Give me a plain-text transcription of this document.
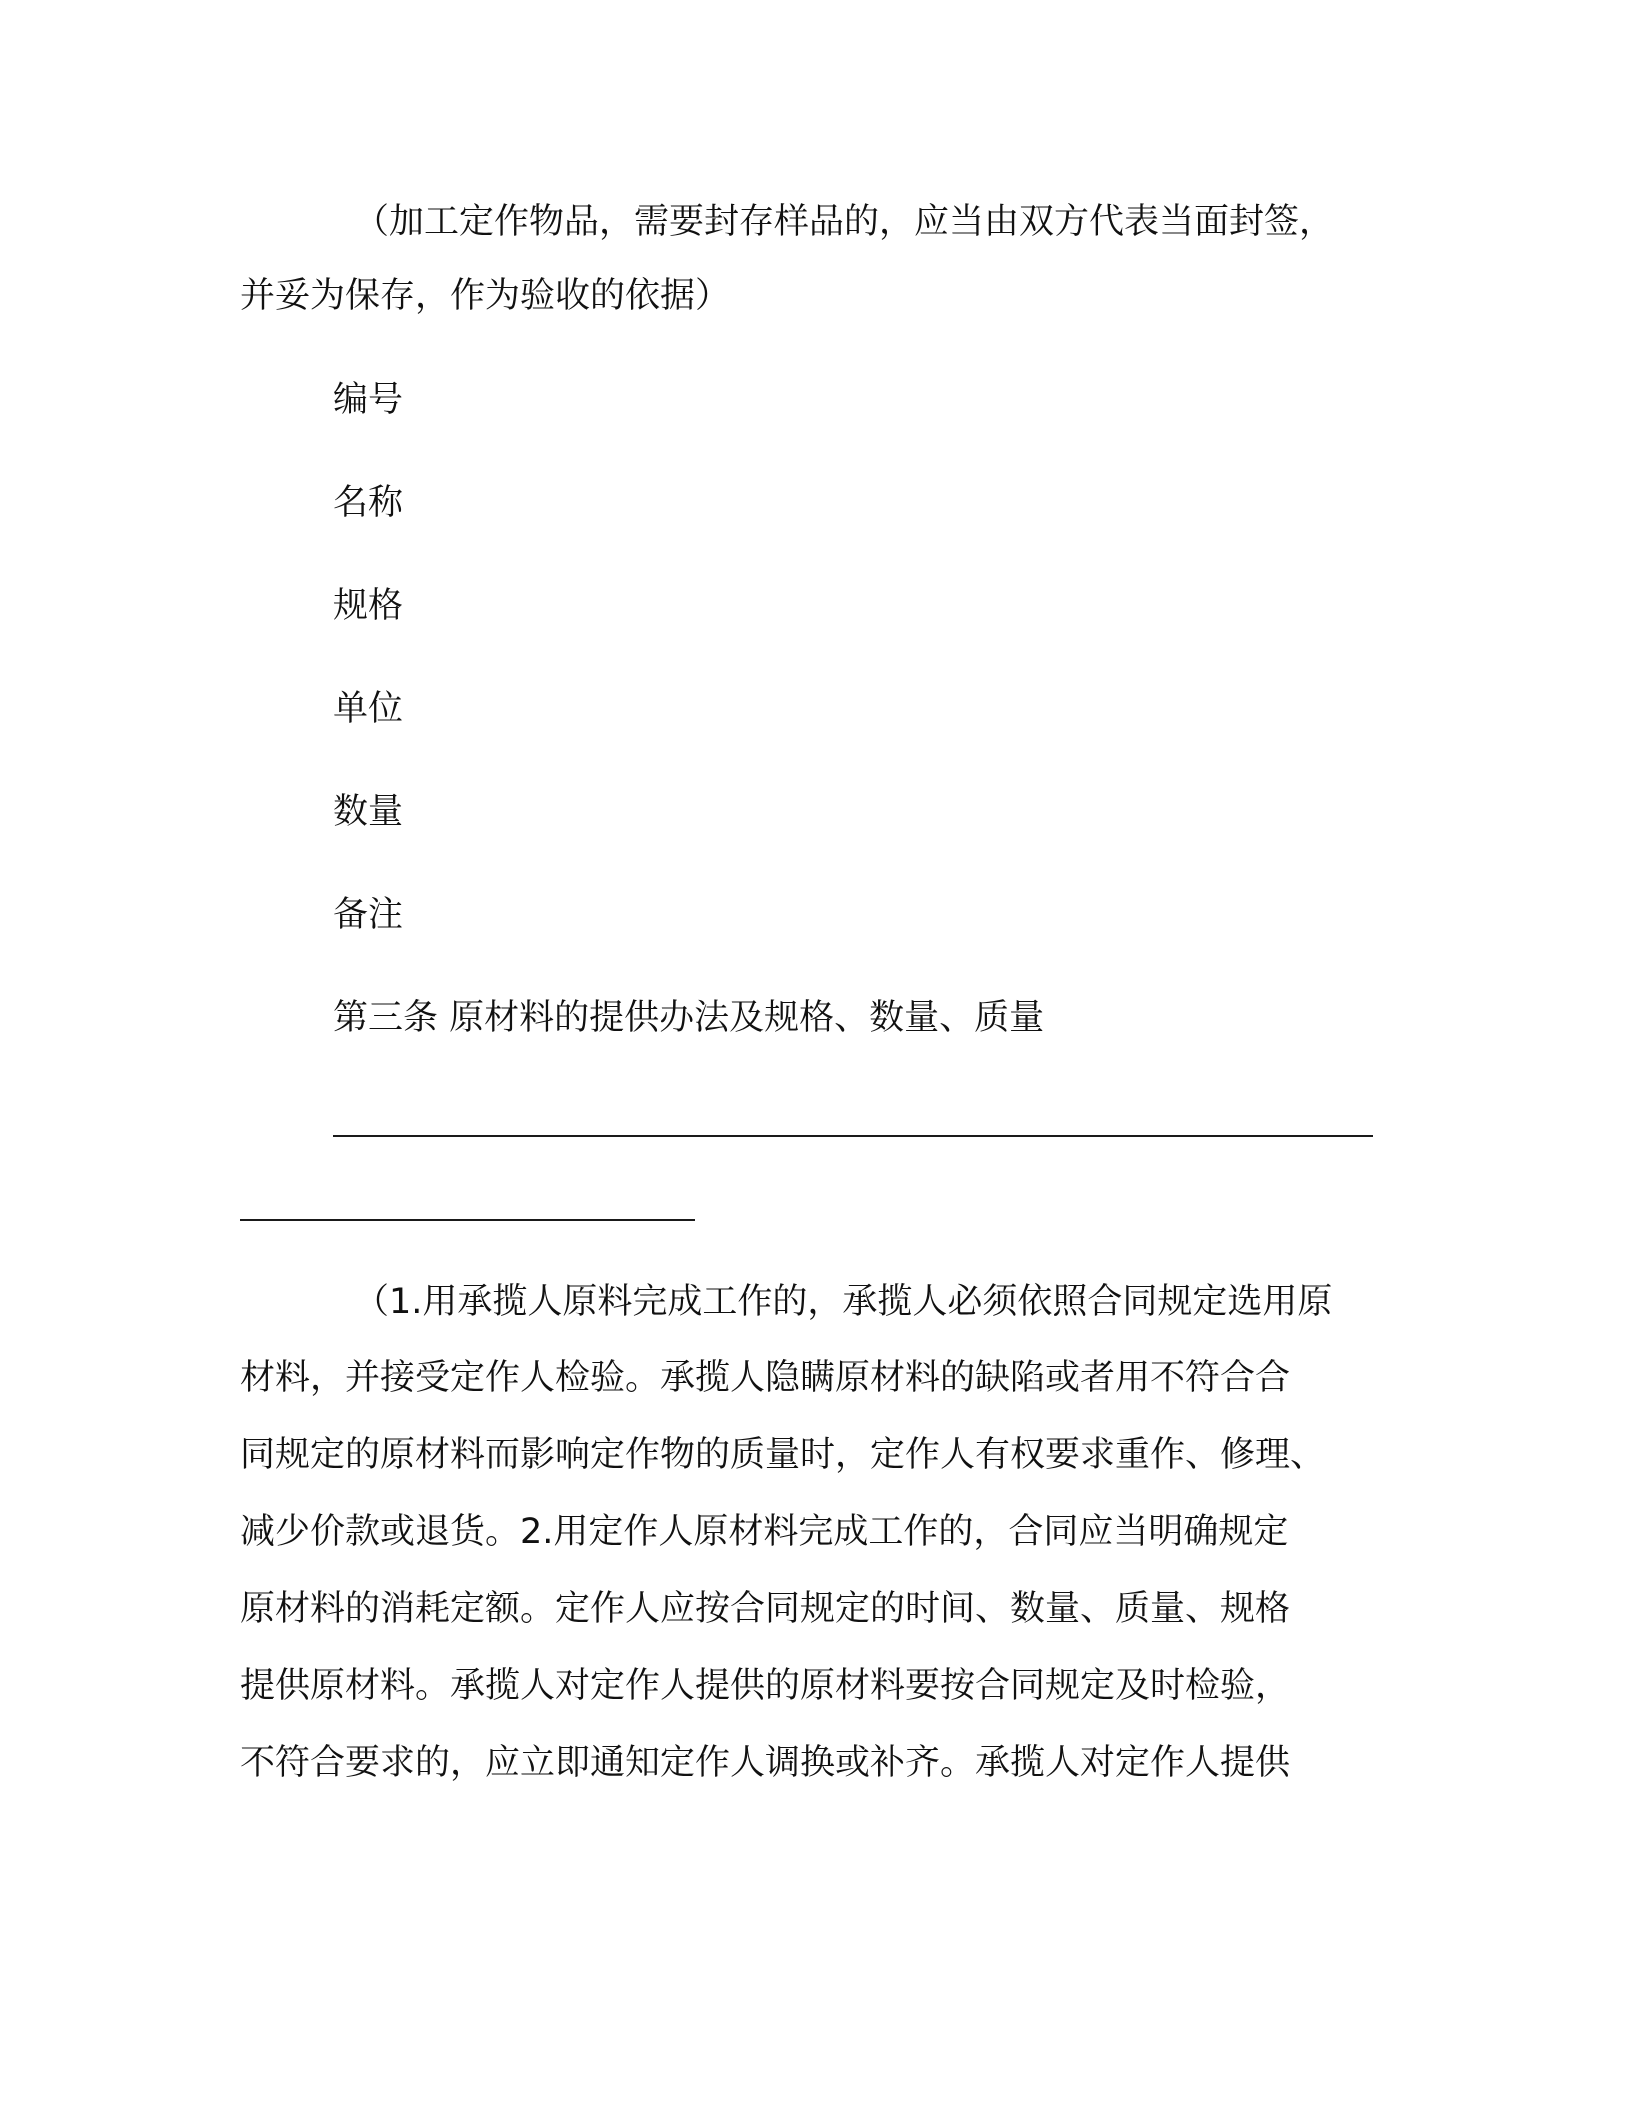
（加工定作物品，需要封存样品的，应当由双方代表当面封签，
并妥为保存，作为验收的依据）
编号
名称
规格
单位
数量
备注
第三条 原材料的提供办法及规格、数量、质量
（1.用承揽人原料完成工作的，承揽人必须依照合同规定选用原
材料，并接受定作人检验。承揽人隐瞒原材料的缺陷或者用不符合合
同规定的原材料而影响定作物的质量时，定作人有权要求重作、修理、
减少价款或退货。2.用定作人原材料完成工作的，合同应当明确规定
原材料的消耗定额。定作人应按合同规定的时间、数量、质量、规格
提供原材料。承揽人对定作人提供的原材料要按合同规定及时检验，
不符合要求的，应立即通知定作人调换或补齐。承揽人对定作人提供
